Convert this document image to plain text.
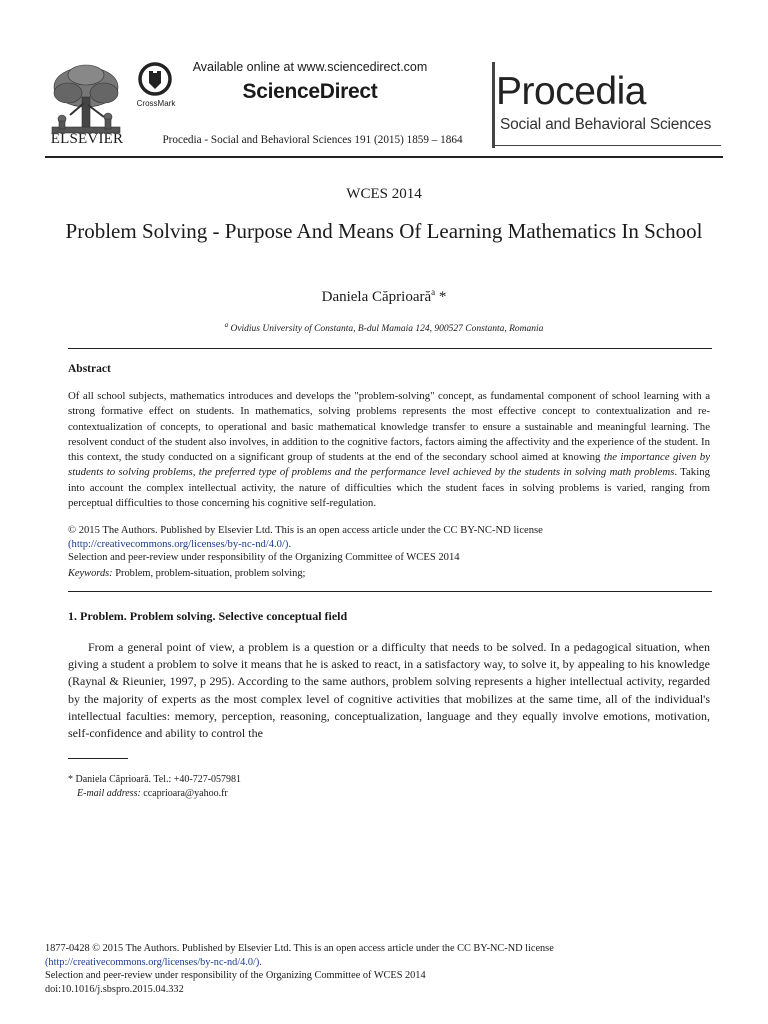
ELSEVIER
CrossMark
Available online at www.sciencedirect.com
ScienceDirect
Procedia - Social and Behavioral Sciences 191 (2015) 1859 – 1864
Procedia
Social and Behavioral Sciences
WCES 2014
Problem Solving - Purpose And Means Of Learning Mathematics In School
Daniela Căprioară$^a$ *
$^a$ Ovidius University of Constanta, B-dul Mamaia 124, 900527 Constanta, Romania
Abstract
Of all school subjects, mathematics introduces and develops the "problem-solving" concept, as fundamental component of school learning with a strong formative effect on students. In mathematics, solving problems represents the most effective concept to contextualization and re-contextualization of concepts, to operational and basic mathematical knowledge transfer to ensure a sustainable and meaningful learning. The resolvent conduct of the student also involves, in addition to the cognitive factors, factors aiming the affectivity and the experience of the student. In this context, the study conducted on a significant group of students at the end of the secondary school aimed at knowing the importance given by students to solving problems, the preferred type of problems and the performance level achieved by the students in solving math problems. Taking into account the complex intellectual activity, the nature of difficulties which the student faces in solving problems is varied, ranging from perceptual difficulties to those concerning his cognitive self-regulation.
© 2015 The Authors. Published by Elsevier Ltd. This is an open access article under the CC BY-NC-ND license
(http://creativecommons.org/licenses/by-nc-nd/4.0/).
Selection and peer-review under responsibility of the Organizing Committee of WCES 2014
Keywords: Problem, problem-situation, problem solving;
1. Problem. Problem solving. Selective conceptual field
From a general point of view, a problem is a question or a difficulty that needs to be solved. In a pedagogical situation, when giving a student a problem to solve it means that he is asked to react, in a satisfactory way, to solve it, by appealing to his knowledge (Raynal & Rieunier, 1997, p 295). According to the same authors, problem solving represents a higher intellectual activity, regarded by the majority of experts as the most complex level of cognitive activities that mobilizes at the same time, all of the individual's intellectual faculties: memory, perception, reasoning, conceptualization, language and they equally involve emotions, motivation, self-confidence and ability to control the
* Daniela Căprioară. Tel.: +40-727-057981
E-mail address: ccaprioara@yahoo.fr
1877-0428 © 2015 The Authors. Published by Elsevier Ltd. This is an open access article under the CC BY-NC-ND license
(http://creativecommons.org/licenses/by-nc-nd/4.0/).
Selection and peer-review under responsibility of the Organizing Committee of WCES 2014
doi:10.1016/j.sbspro.2015.04.332
